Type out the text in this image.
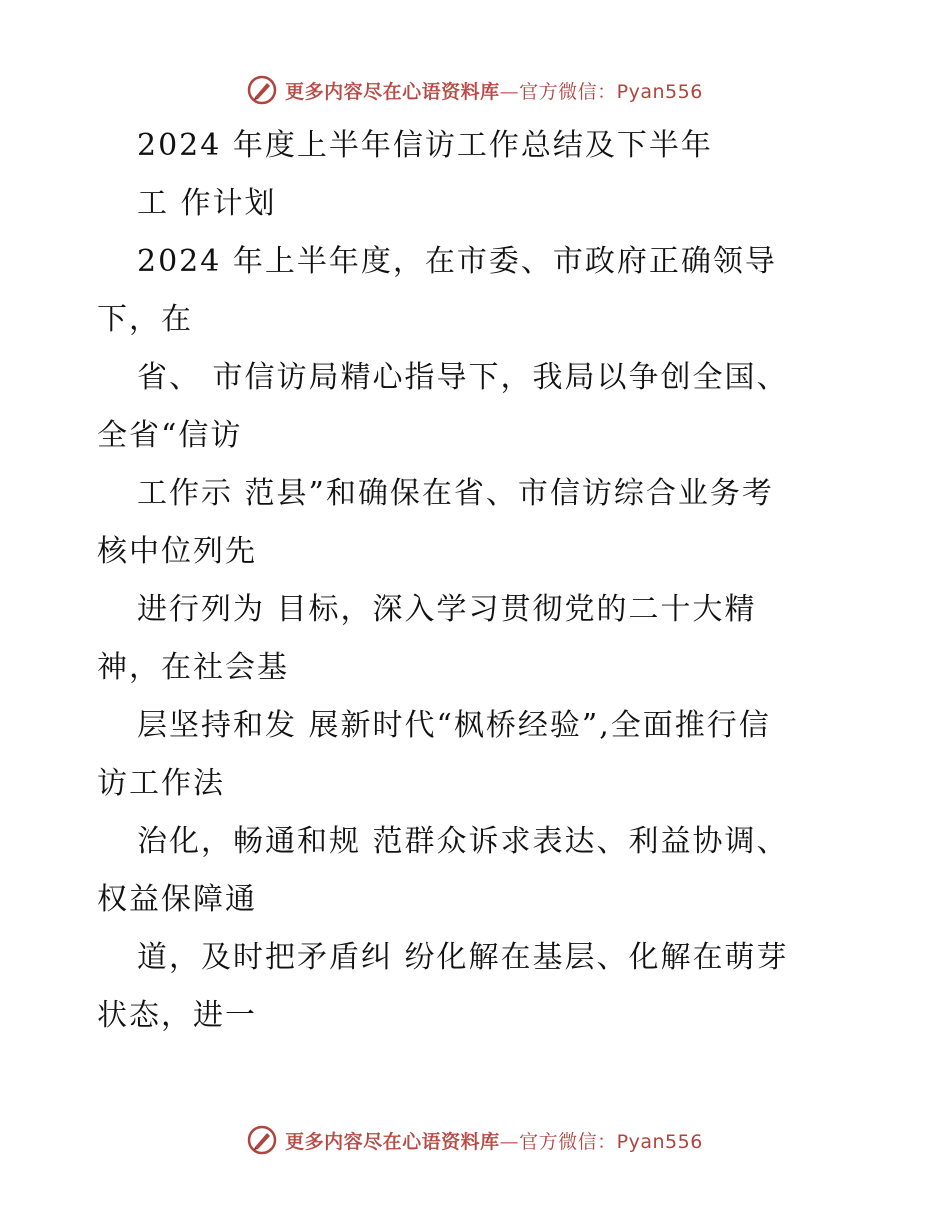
更多内容尽在心语资料库—官方微信：Pyan556
2024 年度上半年信访工作总结及下半年
工 作计划
2024 年上半年度，在市委、市政府正确领导
下，在
省、 市信访局精心指导下，我局以争创全国、
全省“信访
工作示 范县”和确保在省、市信访综合业务考
核中位列先
进行列为 目标，深入学习贯彻党的二十大精
神，在社会基
层坚持和发 展新时代“枫桥经验”,全面推行信
访工作法
治化，畅通和规 范群众诉求表达、利益协调、
权益保障通
道，及时把矛盾纠 纷化解在基层、化解在萌芽
状态，进一
更多内容尽在心语资料库—官方微信：Pyan556
